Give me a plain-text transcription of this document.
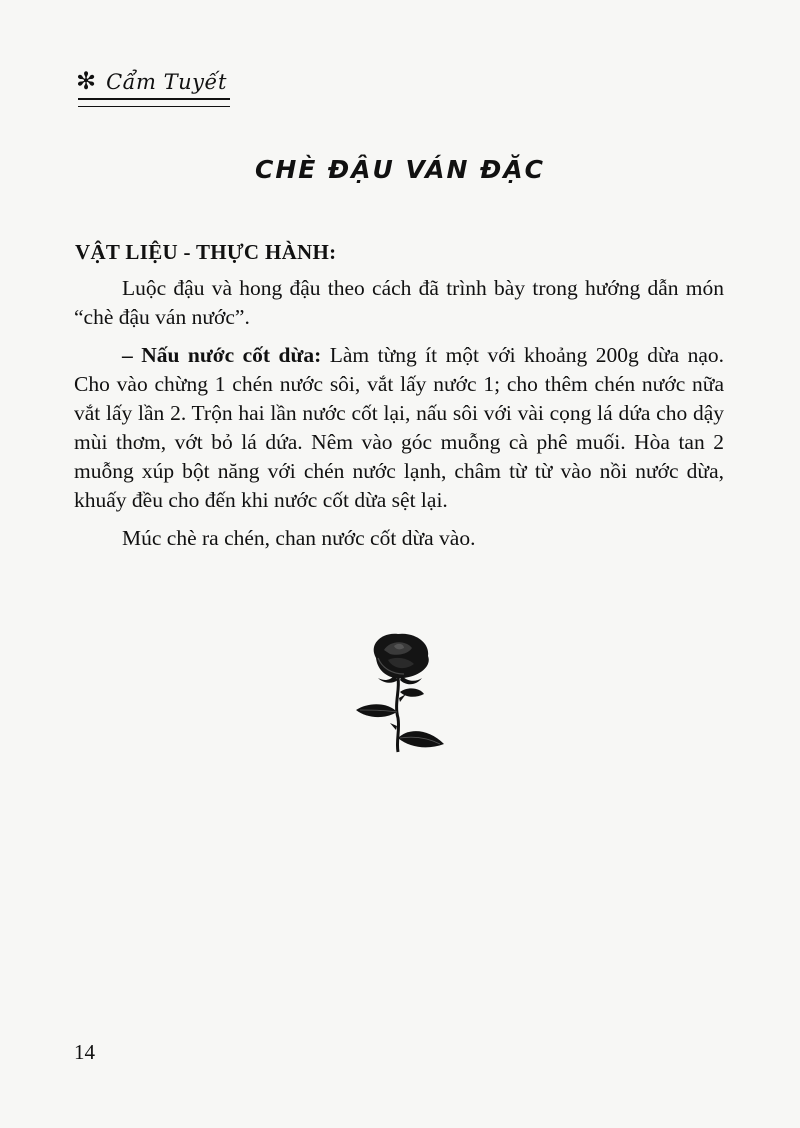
✻ Cẩm Tuyết
CHÈ ĐẬU VÁN ĐẶC
VẬT LIỆU - THỰC HÀNH:

Luộc đậu và hong đậu theo cách đã trình bày trong hướng dẫn món “chè đậu ván nước”.

– Nấu nước cốt dừa: Làm từng ít một với khoảng 200g dừa nạo. Cho vào chừng 1 chén nước sôi, vắt lấy nước 1; cho thêm chén nước nữa vắt lấy lần 2. Trộn hai lần nước cốt lại, nấu sôi với vài cọng lá dứa cho dậy mùi thơm, vớt bỏ lá dứa. Nêm vào góc muỗng cà phê muối. Hòa tan 2 muỗng xúp bột năng với chén nước lạnh, châm từ từ vào nồi nước dừa, khuấy đều cho đến khi nước cốt dừa sệt lại.

Múc chè ra chén, chan nước cốt dừa vào.

14
